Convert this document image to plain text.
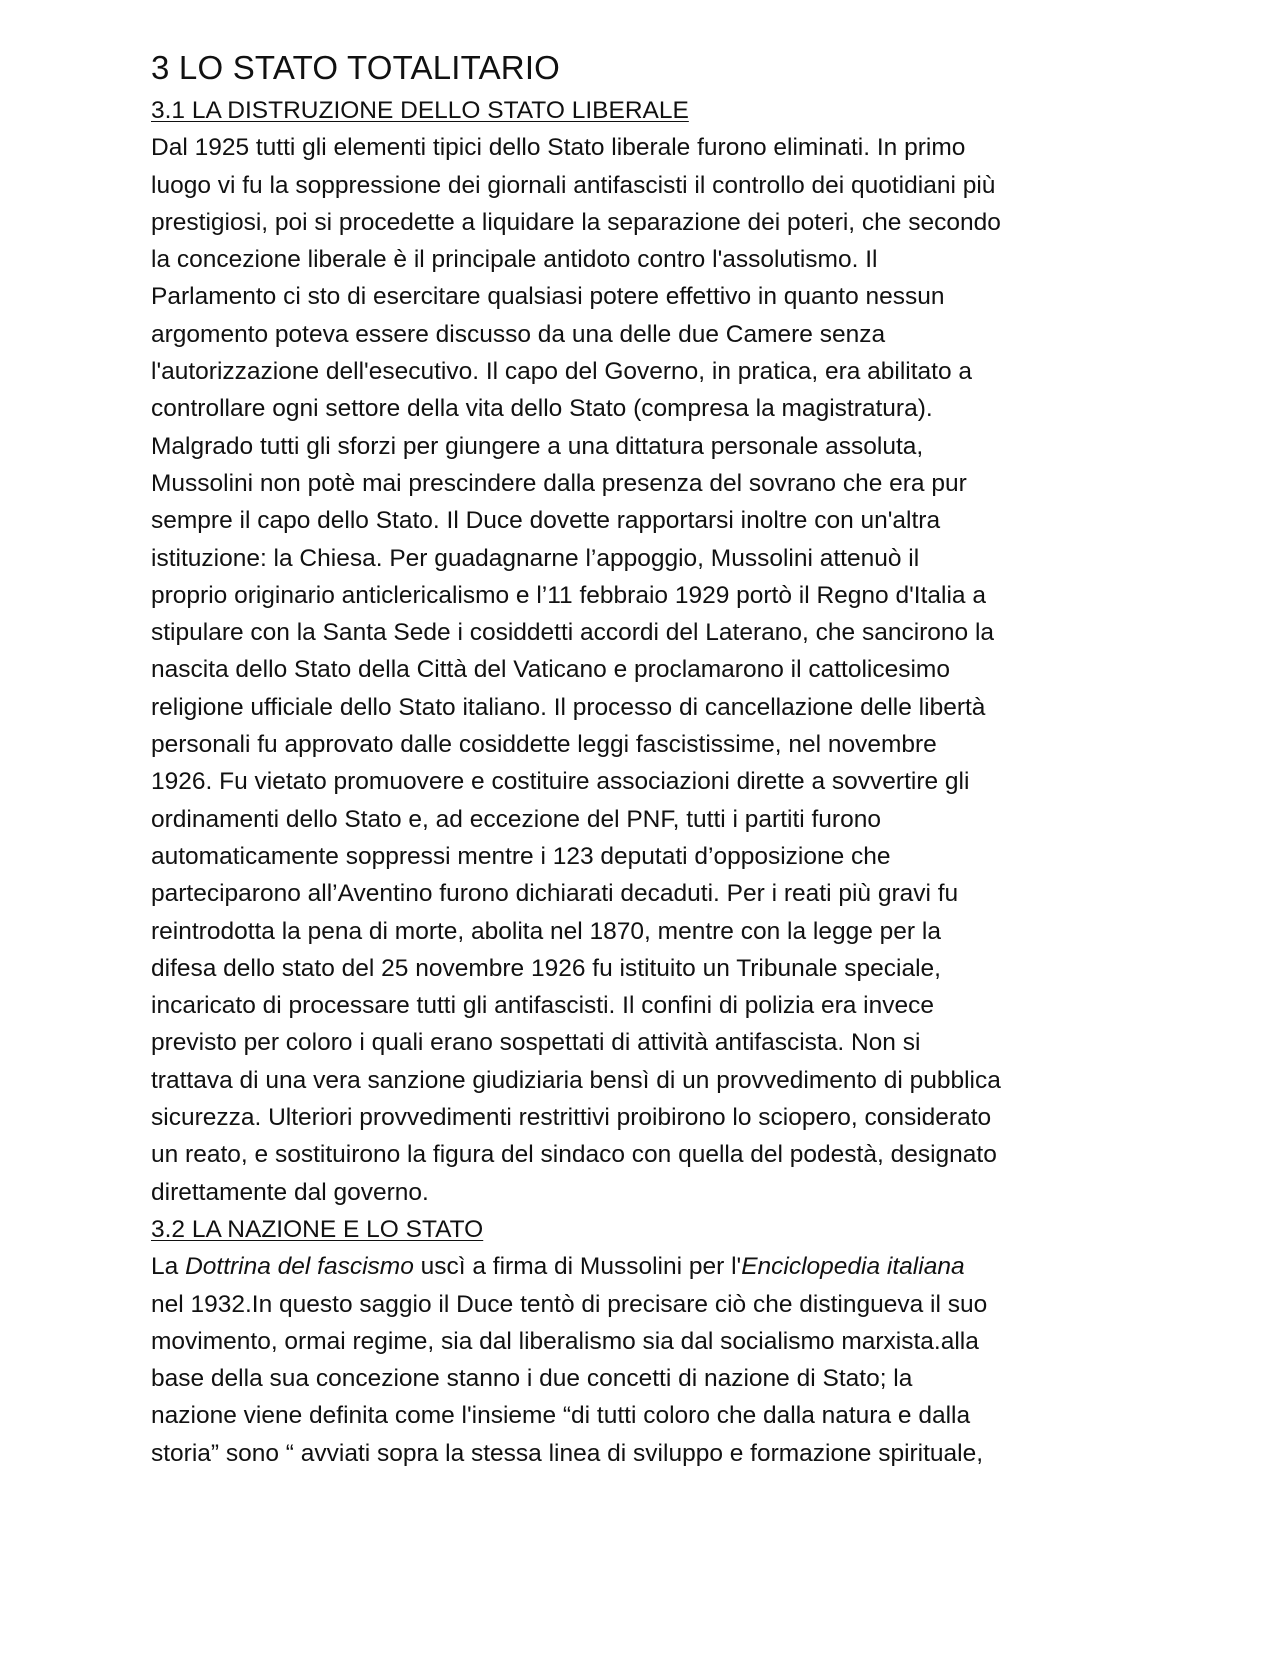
3 LO STATO TOTALITARIO
3.1 LA DISTRUZIONE DELLO STATO LIBERALE

Dal 1925 tutti gli elementi tipici dello Stato liberale furono eliminati. In primo
luogo vi fu la soppressione dei giornali antifascisti il controllo dei quotidiani più
prestigiosi, poi si procedette a liquidare la separazione dei poteri, che secondo
la concezione liberale è il principale antidoto contro l'assolutismo. Il
Parlamento ci sto di esercitare qualsiasi potere effettivo in quanto nessun
argomento poteva essere discusso da una delle due Camere senza
l'autorizzazione dell'esecutivo. Il capo del Governo, in pratica, era abilitato a
controllare ogni settore della vita dello Stato (compresa la magistratura).
Malgrado tutti gli sforzi per giungere a una dittatura personale assoluta,
Mussolini non potè mai prescindere dalla presenza del sovrano che era pur
sempre il capo dello Stato. Il Duce dovette rapportarsi inoltre con un'altra
istituzione: la Chiesa. Per guadagnarne l’appoggio, Mussolini attenuò il
proprio originario anticlericalismo e l’11 febbraio 1929 portò il Regno d'Italia a
stipulare con la Santa Sede i cosiddetti accordi del Laterano, che sancirono la
nascita dello Stato della Città del Vaticano e proclamarono il cattolicesimo
religione ufficiale dello Stato italiano. Il processo di cancellazione delle libertà
personali fu approvato dalle cosiddette leggi fascistissime, nel novembre
1926. Fu vietato promuovere e costituire associazioni dirette a sovvertire gli
ordinamenti dello Stato e, ad eccezione del PNF, tutti i partiti furono
automaticamente soppressi mentre i 123 deputati d’opposizione che
parteciparono all’Aventino furono dichiarati decaduti. Per i reati più gravi fu
reintrodotta la pena di morte, abolita nel 1870, mentre con la legge per la
difesa dello stato del 25 novembre 1926 fu istituito un Tribunale speciale,
incaricato di processare tutti gli antifascisti. Il confini di polizia era invece
previsto per coloro i quali erano sospettati di attività antifascista. Non si
trattava di una vera sanzione giudiziaria bensì di un provvedimento di pubblica
sicurezza. Ulteriori provvedimenti restrittivi proibirono lo sciopero, considerato
un reato, e sostituirono la figura del sindaco con quella del podestà, designato
direttamente dal governo.

3.2 LA NAZIONE E LO STATO

La Dottrina del fascismo uscì a firma di Mussolini per l'Enciclopedia italiana
nel 1932.In questo saggio il Duce tentò di precisare ciò che distingueva il suo
movimento, ormai regime, sia dal liberalismo sia dal socialismo marxista.alla
base della sua concezione stanno i due concetti di nazione di Stato; la
nazione viene definita come l'insieme “di tutti coloro che dalla natura e dalla
storia” sono “ avviati sopra la stessa linea di sviluppo e formazione spirituale,
